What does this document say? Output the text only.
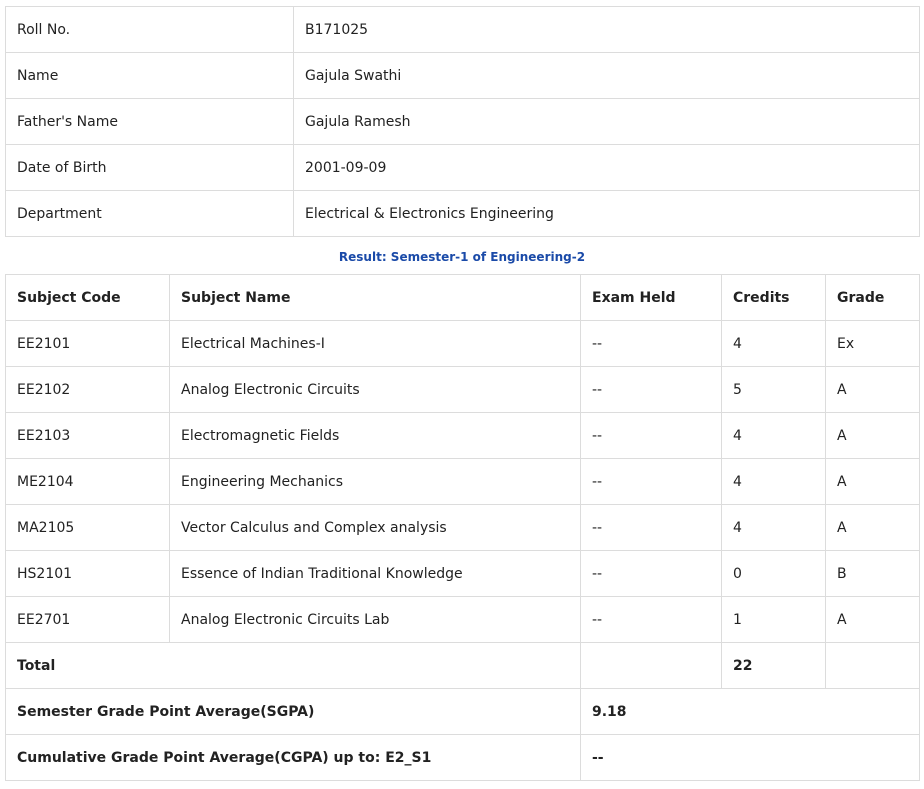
Roll No.	B171025
Name	Gajula Swathi
Father's Name	Gajula Ramesh
Date of Birth	2001-09-09
Department	Electrical & Electronics Engineering
Result: Semester-1 of Engineering-2
Subject Code	Subject Name	Exam Held	Credits	Grade
EE2101	Electrical Machines-I	--	4	Ex
EE2102	Analog Electronic Circuits	--	5	A
EE2103	Electromagnetic Fields	--	4	A
ME2104	Engineering Mechanics	--	4	A
MA2105	Vector Calculus and Complex analysis	--	4	A
HS2101	Essence of Indian Traditional Knowledge	--	0	B
EE2701	Analog Electronic Circuits Lab	--	1	A
Total			22	
Semester Grade Point Average(SGPA)		9.18		
Cumulative Grade Point Average(CGPA) up to: E2_S1		--		
